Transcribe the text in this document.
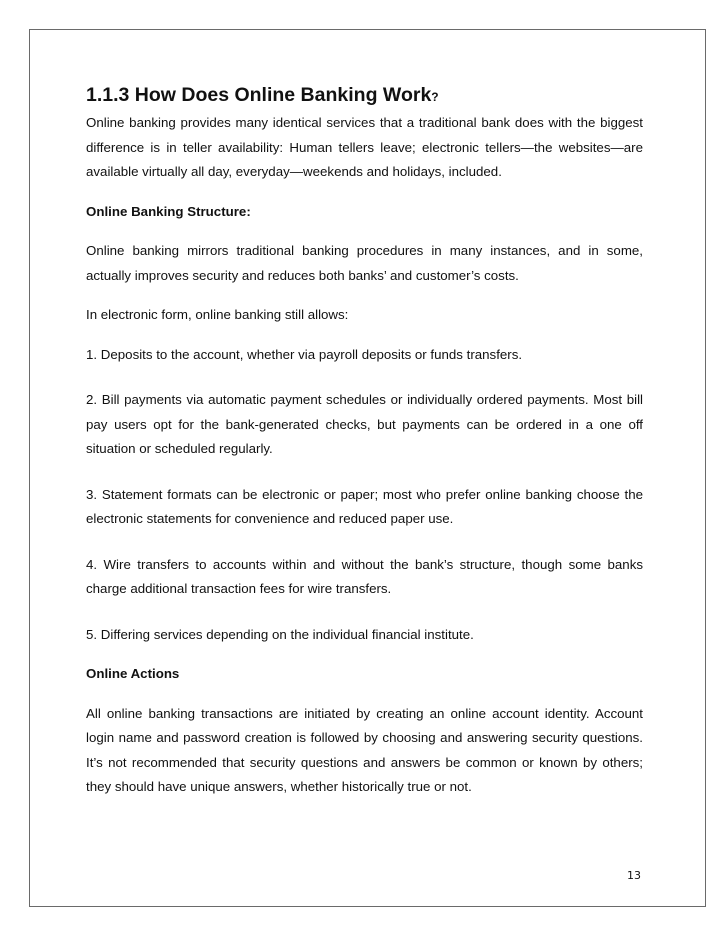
1.1.3 How Does Online Banking Work?

Online banking provides many identical services that a traditional bank does with the biggest difference is in teller availability: Human tellers leave; electronic tellers—the websites—are available virtually all day, everyday—weekends and holidays, included.

Online Banking Structure:

Online banking mirrors traditional banking procedures in many instances, and in some, actually improves security and reduces both banks’ and customer’s costs.

In electronic form, online banking still allows:

1. Deposits to the account, whether via payroll deposits or funds transfers.

2. Bill payments via automatic payment schedules or individually ordered payments. Most bill pay users opt for the bank-generated checks, but payments can be ordered in a one off situation or scheduled regularly.

3. Statement formats can be electronic or paper; most who prefer online banking choose the electronic statements for convenience and reduced paper use.

4. Wire transfers to accounts within and without the bank’s structure, though some banks charge additional transaction fees for wire transfers.

5. Differing services depending on the individual financial institute.

Online Actions

All online banking transactions are initiated by creating an online account identity. Account login name and password creation is followed by choosing and answering security questions. It’s not recommended that security questions and answers be common or known by others; they should have unique answers, whether historically true or not.

13
